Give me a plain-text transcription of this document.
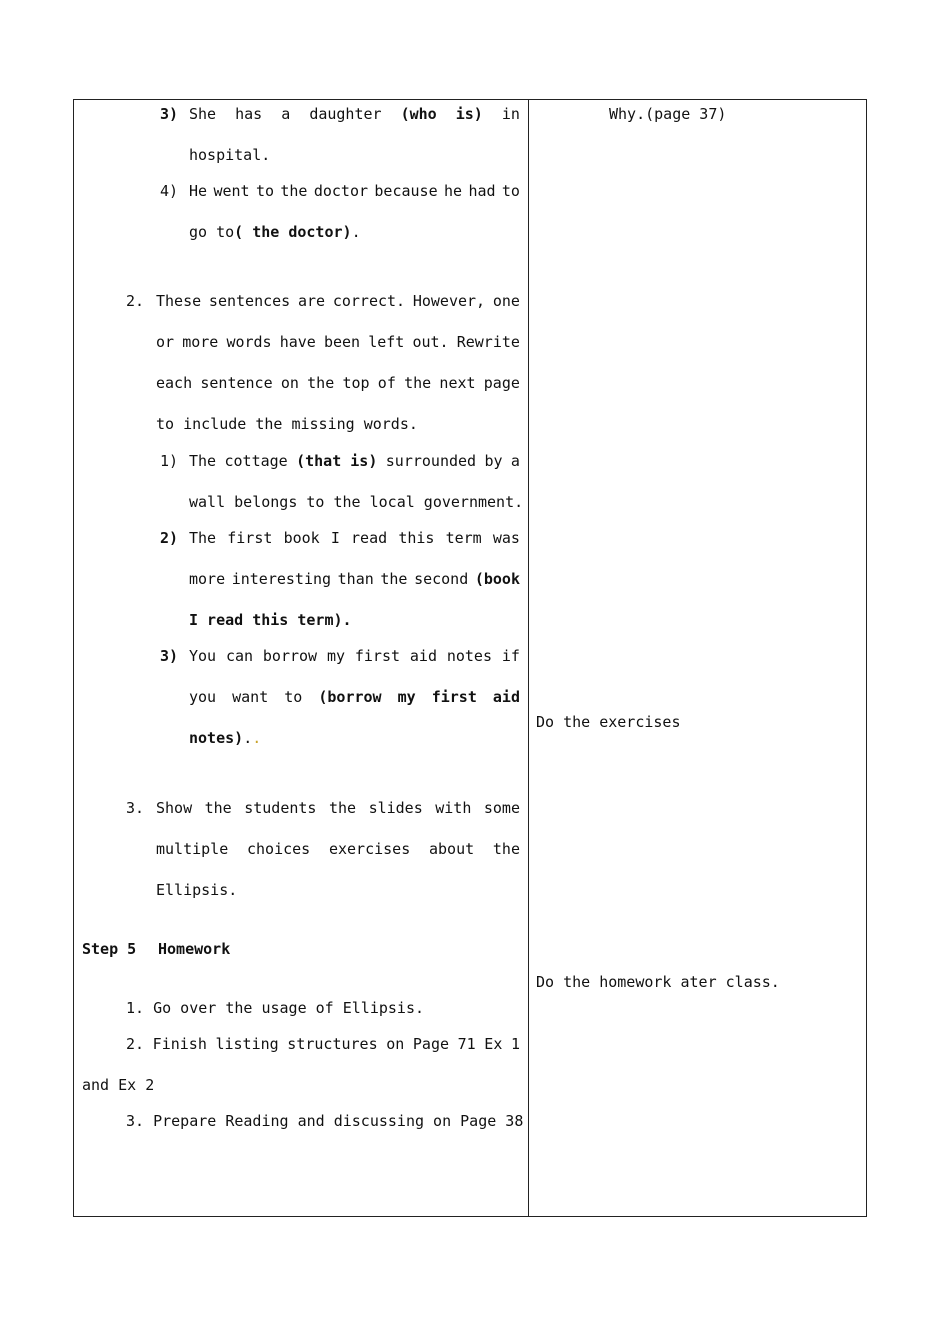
3) She has a daughter (who is) in
hospital.
4) He went to the doctor because he had to
go to( the doctor).
2. These sentences are correct. However, one
or more words have been left out. Rewrite
each sentence on the top of the next page
to include the missing words.
1) The cottage (that is) surrounded by a
wall belongs to the local government.
2) The first book I read this term was
more interesting than the second (book
I read this term).
3) You can borrow my first aid notes if
you want to (borrow my first aid
notes)..
3. Show the students the slides with some
multiple choices exercises about the
Ellipsis.
Step 5 Homework
1. Go over the usage of Ellipsis.
2. Finish listing structures on Page 71 Ex 1
and Ex 2
3. Prepare Reading and discussing on Page 38
Why.(page 37)
Do the exercises
Do the homework ater class.
